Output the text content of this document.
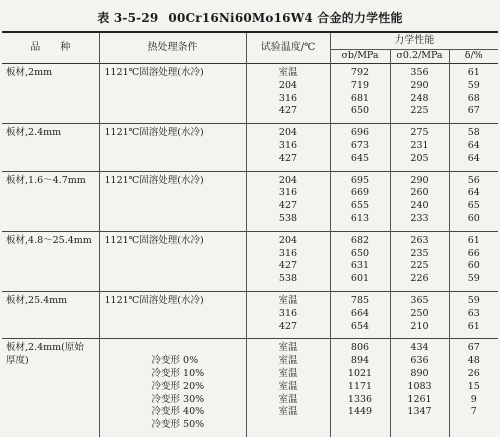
表 3-5-29 00Cr16Ni60Mo16W4 合金的力学性能
品　　种	热处理条件	试验温度/℃	力学性能		
			σb/MPa	σ0.2/MPa	δ/%
板材,2mm	1121℃固溶处理(水冷)	室温	792	356	61
		204	719	290	59
		316	681	248	68
		427	650	225	67
板材,2.4mm	1121℃固溶处理(水冷)	204	696	275	58
		316	673	231	64
		427	645	205	64
板材,1.6～4.7mm	1121℃固溶处理(水冷)	204	695	290	56
		316	669	260	64
		427	655	240	65
		538	613	233	60
板材,4.8～25.4mm	1121℃固溶处理(水冷)	204	682	263	61
		316	650	235	66
		427	631	225	60
		538	601	226	59
板材,25.4mm	1121℃固溶处理(水冷)	室温	785	365	59
		316	664	250	63
		427	654	210	61
板材,2.4mm(原始
厚度)		室温	806	434	67
	冷变形 0%	室温	894	636	48
	冷变形 10%	室温	1021	890	26
	冷变形 20%	室温	1171	1083	15
	冷变形 30%	室温	1336	1261	9
	冷变形 40%	室温	1449	1347	7
	冷变形 50%				
